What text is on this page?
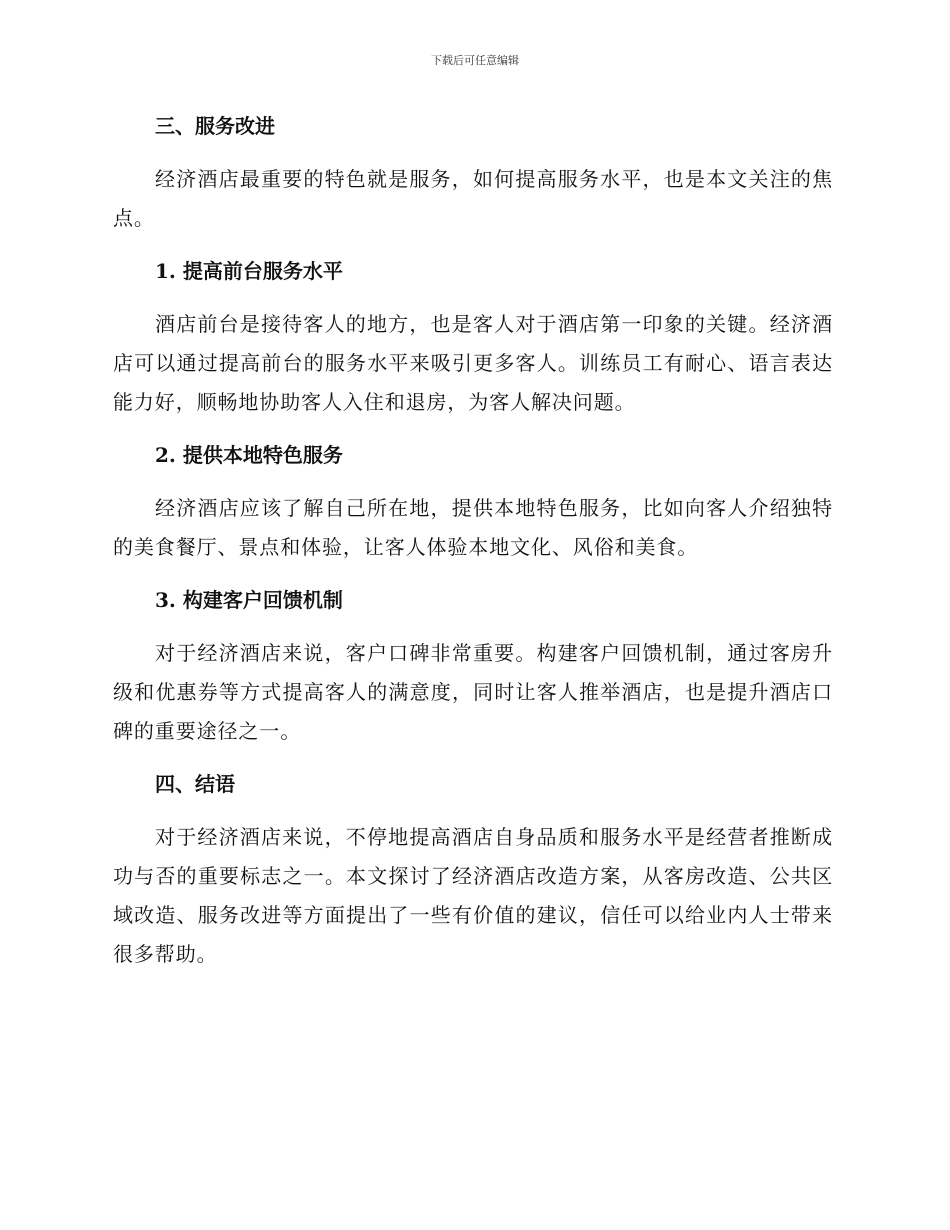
下载后可任意编辑
三、服务改进
经济酒店最重要的特色就是服务，如何提高服务水平，也是本文关注的焦点。
1. 提高前台服务水平
酒店前台是接待客人的地方，也是客人对于酒店第一印象的关键。经济酒店可以通过提高前台的服务水平来吸引更多客人。训练员工有耐心、语言表达能力好，顺畅地协助客人入住和退房，为客人解决问题。
2. 提供本地特色服务
经济酒店应该了解自己所在地，提供本地特色服务，比如向客人介绍独特的美食餐厅、景点和体验，让客人体验本地文化、风俗和美食。
3. 构建客户回馈机制
对于经济酒店来说，客户口碑非常重要。构建客户回馈机制，通过客房升级和优惠券等方式提高客人的满意度，同时让客人推举酒店，也是提升酒店口碑的重要途径之一。
四、结语
对于经济酒店来说，不停地提高酒店自身品质和服务水平是经营者推断成功与否的重要标志之一。本文探讨了经济酒店改造方案，从客房改造、公共区域改造、服务改进等方面提出了一些有价值的建议，信任可以给业内人士带来很多帮助。
